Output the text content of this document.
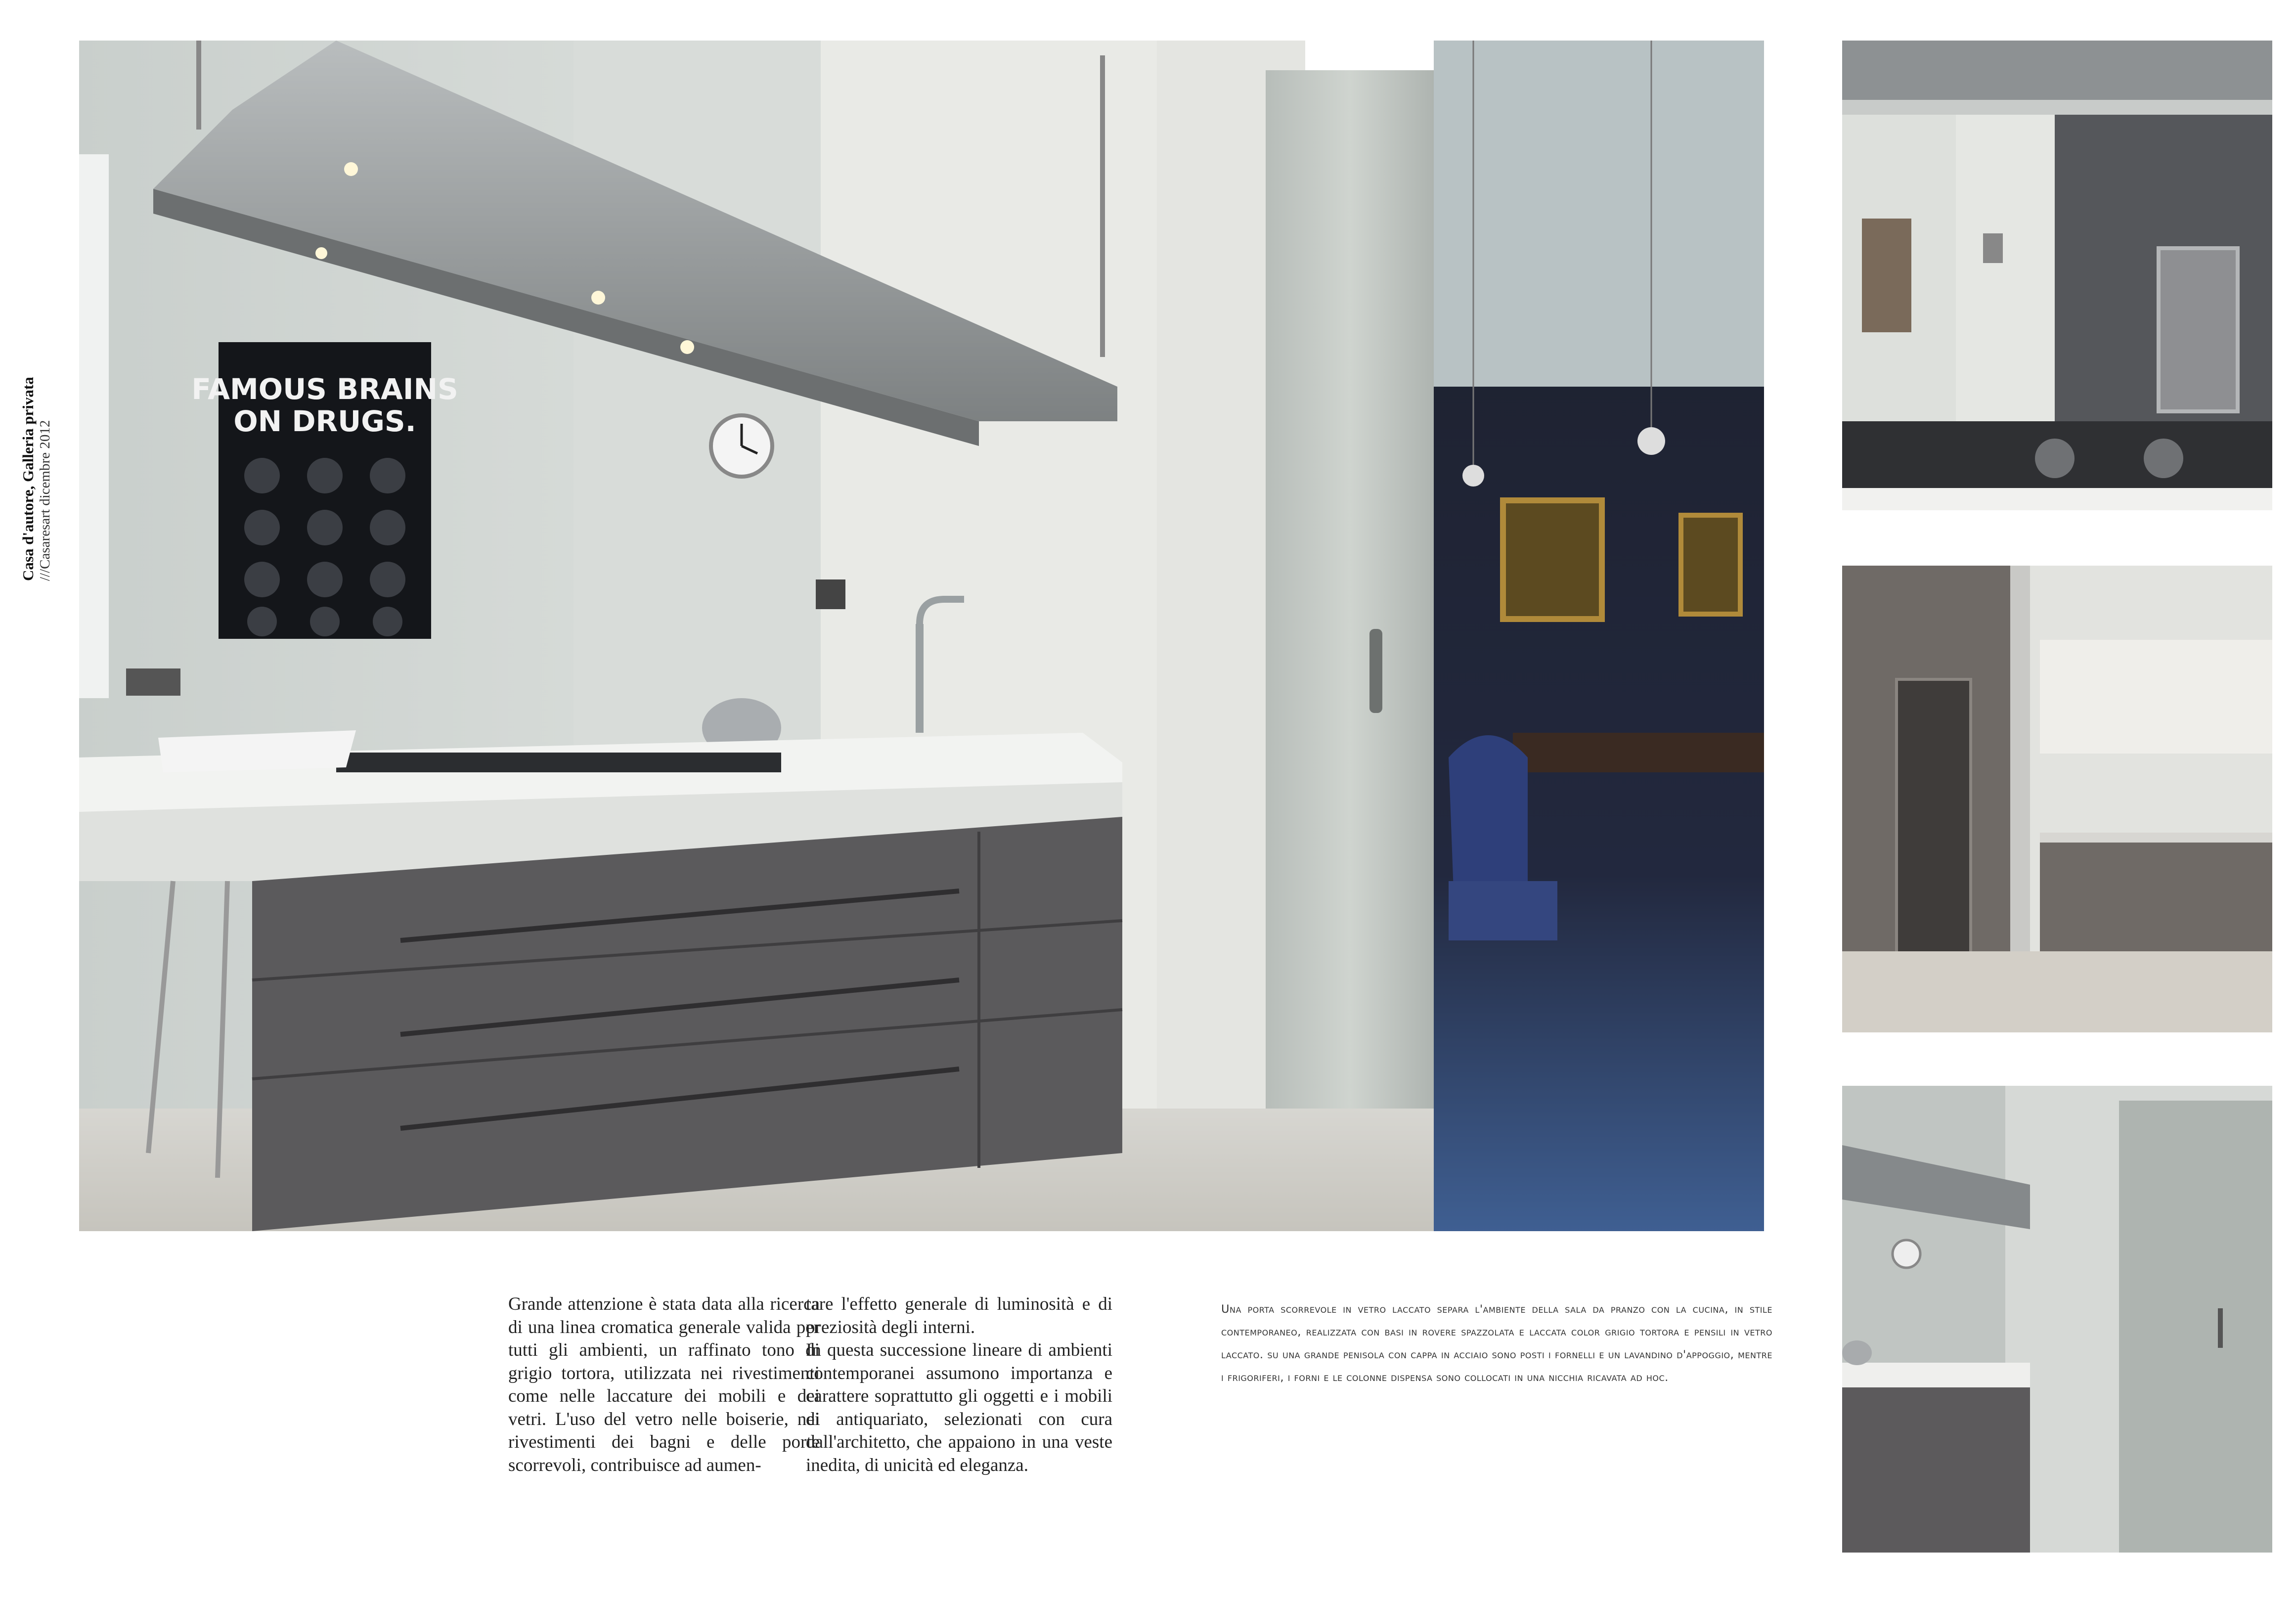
Casa d'autore, Galleria privata ///Casaresart dicembre 2012
FAMOUS BRAINS
ON DRUGS.

Grande attenzione è stata data alla ricerca di una linea cromatica generale valida per tutti gli ambienti, un raffinato tono di grigio tortora, utilizzata nei rivestimenti come nelle laccature dei mobili e dei vetri. L'uso del vetro nelle boiserie, nei rivestimenti dei bagni e delle porte scorrevoli, contribuisce ad aumen-

tare l'effetto generale di luminosità e di preziosità degli interni.

In questa successione lineare di ambienti contemporanei assumono importanza e carattere soprattutto gli oggetti e i mobili di antiquariato, selezionati con cura dall'architetto, che appaiono in una veste inedita, di unicità ed eleganza.

Una porta scorrevole in vetro laccato separa l'ambiente della sala da pranzo con la cucina, in stile contemporaneo, realizzata con basi in rovere spazzolata e laccata color grigio tortora e pensili in vetro laccato. su una grande penisola con cappa in acciaio sono posti i fornelli e un lavandino d'appoggio, mentre i frigoriferi, i forni e le colonne dispensa sono collocati in una nicchia ricavata ad hoc.
